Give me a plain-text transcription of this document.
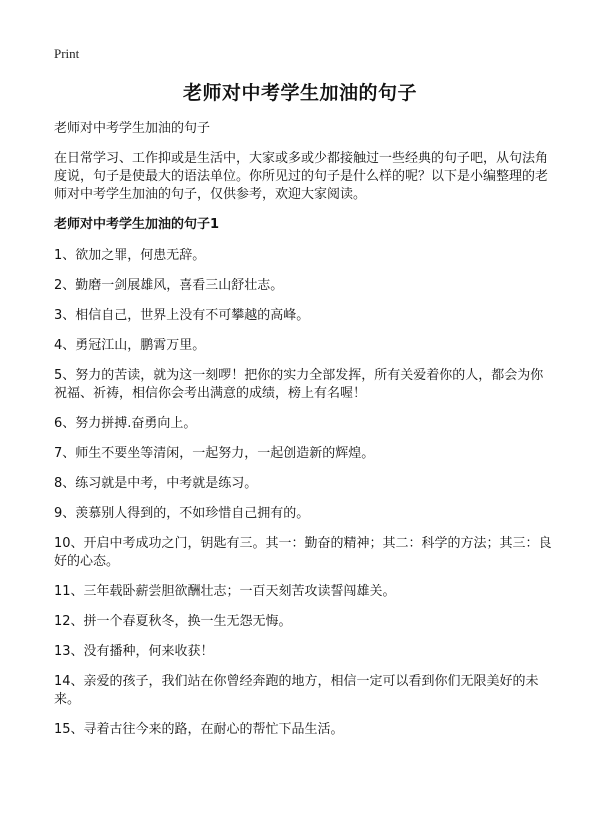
Print
老师对中考学生加油的句子

老师对中考学生加油的句子

在日常学习、工作抑或是生活中，大家或多或少都接触过一些经典的句子吧，从句法角度说，句子是使最大的语法单位。你所见过的句子是什么样的呢？以下是小编整理的老师对中考学生加油的句子，仅供参考，欢迎大家阅读。

老师对中考学生加油的句子1

1、欲加之罪，何患无辞。
2、勤磨一剑展雄风，喜看三山舒壮志。
3、相信自己，世界上没有不可攀越的高峰。
4、勇冠江山，鹏霄万里。
5、努力的苦读，就为这一刻啰！把你的实力全部发挥，所有关爱着你的人，都会为你祝福、祈祷，相信你会考出满意的成绩，榜上有名喔！
6、努力拼搏.奋勇向上。
7、师生不要坐等清闲，一起努力，一起创造新的辉煌。
8、练习就是中考，中考就是练习。
9、羡慕别人得到的，不如珍惜自己拥有的。
10、开启中考成功之门，钥匙有三。其一：勤奋的精神；其二：科学的方法；其三：良好的心态。
11、三年载卧薪尝胆欲酬壮志；一百天刻苦攻读誓闯雄关。
12、拼一个春夏秋冬，换一生无怨无悔。
13、没有播种，何来收获！
14、亲爱的孩子，我们站在你曾经奔跑的地方，相信一定可以看到你们无限美好的未来。
15、寻着古往今来的路，在耐心的帮忙下品生活。
